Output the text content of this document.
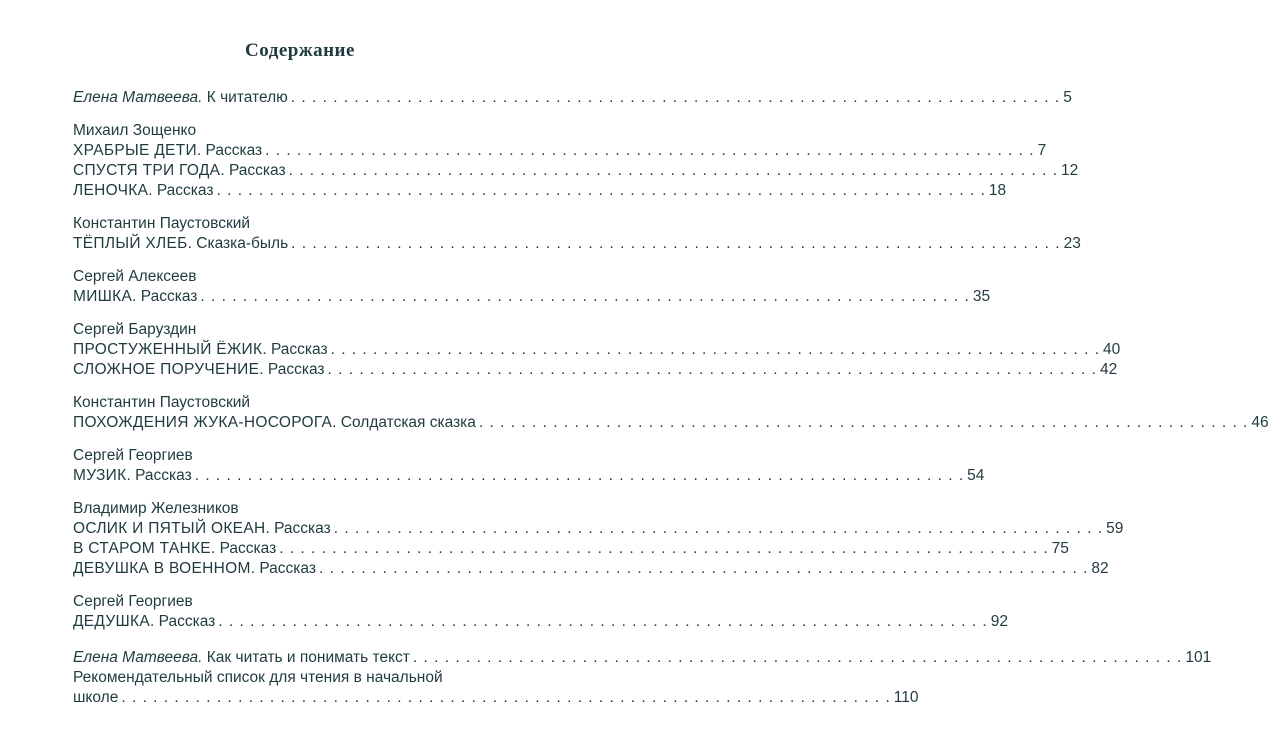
Содержание
Елена Матвеева. К читателю . . .	5
Михаил Зощенко
ХРАБРЫЕ ДЕТИ. Рассказ . . .	7
СПУСТЯ ТРИ ГОДА. Рассказ . . .	12
ЛЕНОЧКА. Рассказ . . .	18
Константин Паустовский
ТЁПЛЫЙ ХЛЕБ. Сказка-быль . . .	23
Сергей Алексеев
МИШКА. Рассказ . . .	35
Сергей Баруздин
ПРОСТУЖЕННЫЙ ЁЖИК. Рассказ . . .	40
СЛОЖНОЕ ПОРУЧЕНИЕ. Рассказ . . .	42
Константин Паустовский
ПОХОЖДЕНИЯ ЖУКА-НОСОРОГА. Солдатская сказка . . .	46
Сергей Георгиев
МУЗИК. Рассказ . . .	54
Владимир Железников
ОСЛИК И ПЯТЫЙ ОКЕАН. Рассказ . . .	59
В СТАРОМ ТАНКЕ. Рассказ . . .	75
ДЕВУШКА В ВОЕННОМ. Рассказ . . .	82
Сергей Георгиев
ДЕДУШКА. Рассказ . . .	92
Елена Матвеева. Как читать и понимать текст . . .	101
Рекомендательный список для чтения в начальной
школе . . .	110
